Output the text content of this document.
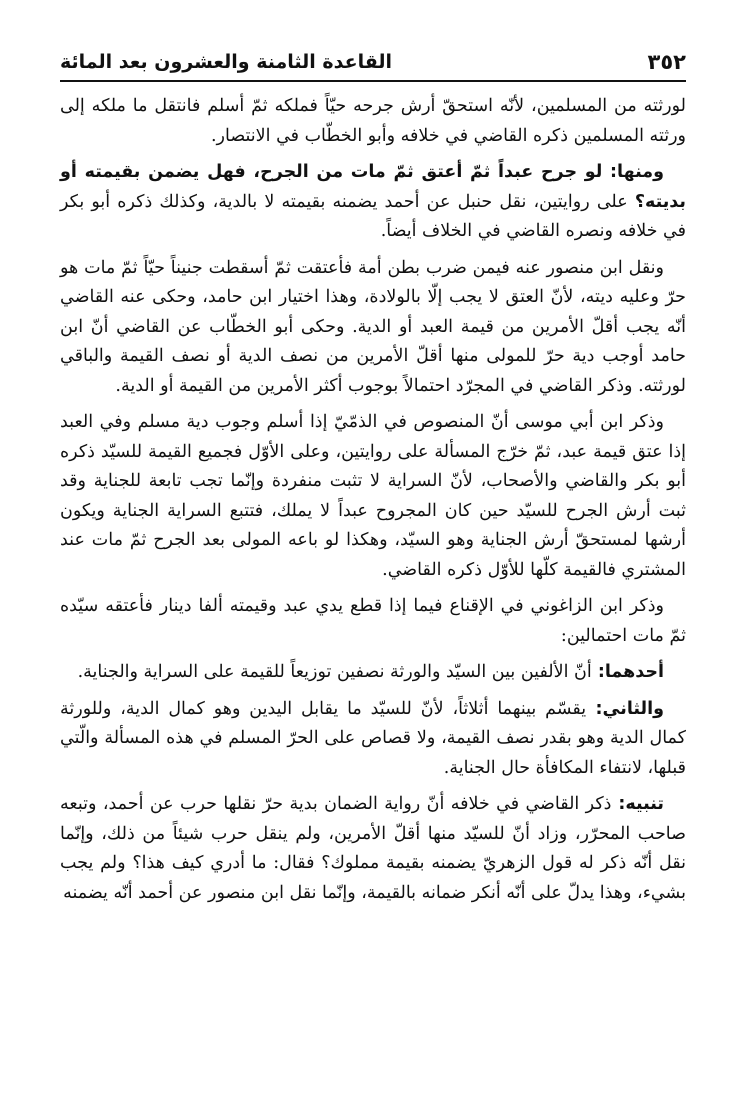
٣٥٢
القاعدة الثامنة والعشرون بعد المائة

لورثته من المسلمين، لأنّه استحقّ أرش جرحه حيّاً فملكه ثمّ أسلم فانتقل ما ملكه إلى ورثته المسلمين ذكره القاضي في خلافه وأبو الخطّاب في الانتصار.

ومنها: لو جرح عبداً ثمّ أعتق ثمّ مات من الجرح، فهل يضمن بقيمته أو بديته؟ على روايتين، نقل حنبل عن أحمد يضمنه بقيمته لا بالدية، وكذلك ذكره أبو بكر في خلافه ونصره القاضي في الخلاف أيضاً.

ونقل ابن منصور عنه فيمن ضرب بطن أمة فأعتقت ثمّ أسقطت جنيناً حيّاً ثمّ مات هو حرّ وعليه ديته، لأنّ العتق لا يجب إلّا بالولادة، وهذا اختيار ابن حامد، وحكى عنه القاضي أنّه يجب أقلّ الأمرين من قيمة العبد أو الدية. وحكى أبو الخطّاب عن القاضي أنّ ابن حامد أوجب دية حرّ للمولى منها أقلّ الأمرين من نصف الدية أو نصف القيمة والباقي لورثته. وذكر القاضي في المجرّد احتمالاً بوجوب أكثر الأمرين من القيمة أو الدية.

وذكر ابن أبي موسى أنّ المنصوص في الذمّيّ إذا أسلم وجوب دية مسلم وفي العبد إذا عتق قيمة عبد، ثمّ خرّج المسألة على روايتين، وعلى الأوّل فجميع القيمة للسيّد ذكره أبو بكر والقاضي والأصحاب، لأنّ السراية لا تثبت منفردة وإنّما تجب تابعة للجناية وقد ثبت أرش الجرح للسيّد حين كان المجروح عبداً لا يملك، فتتبع السراية الجناية ويكون أرشها لمستحقّ أرش الجناية وهو السيّد، وهكذا لو باعه المولى بعد الجرح ثمّ مات عند المشتري فالقيمة كلّها للأوّل ذكره القاضي.

وذكر ابن الزاغوني في الإقناع فيما إذا قطع يدي عبد وقيمته ألفا دينار فأعتقه سيّده ثمّ مات احتمالين:

أحدهما: أنّ الألفين بين السيّد والورثة نصفين توزيعاً للقيمة على السراية والجناية.

والثاني: يقسّم بينهما أثلاثاً، لأنّ للسيّد ما يقابل اليدين وهو كمال الدية، وللورثة كمال الدية وهو بقدر نصف القيمة، ولا قصاص على الحرّ المسلم في هذه المسألة والّتي قبلها، لانتفاء المكافأة حال الجناية.

تنبيه: ذكر القاضي في خلافه أنّ رواية الضمان بدية حرّ نقلها حرب عن أحمد، وتبعه صاحب المحرّر، وزاد أنّ للسيّد منها أقلّ الأمرين، ولم ينقل حرب شيئاً من ذلك، وإنّما نقل أنّه ذكر له قول الزهريّ يضمنه بقيمة مملوك؟ فقال: ما أدري كيف هذا؟ ولم يجب بشيء، وهذا يدلّ على أنّه أنكر ضمانه بالقيمة، وإنّما نقل ابن منصور عن أحمد أنّه يضمنه
